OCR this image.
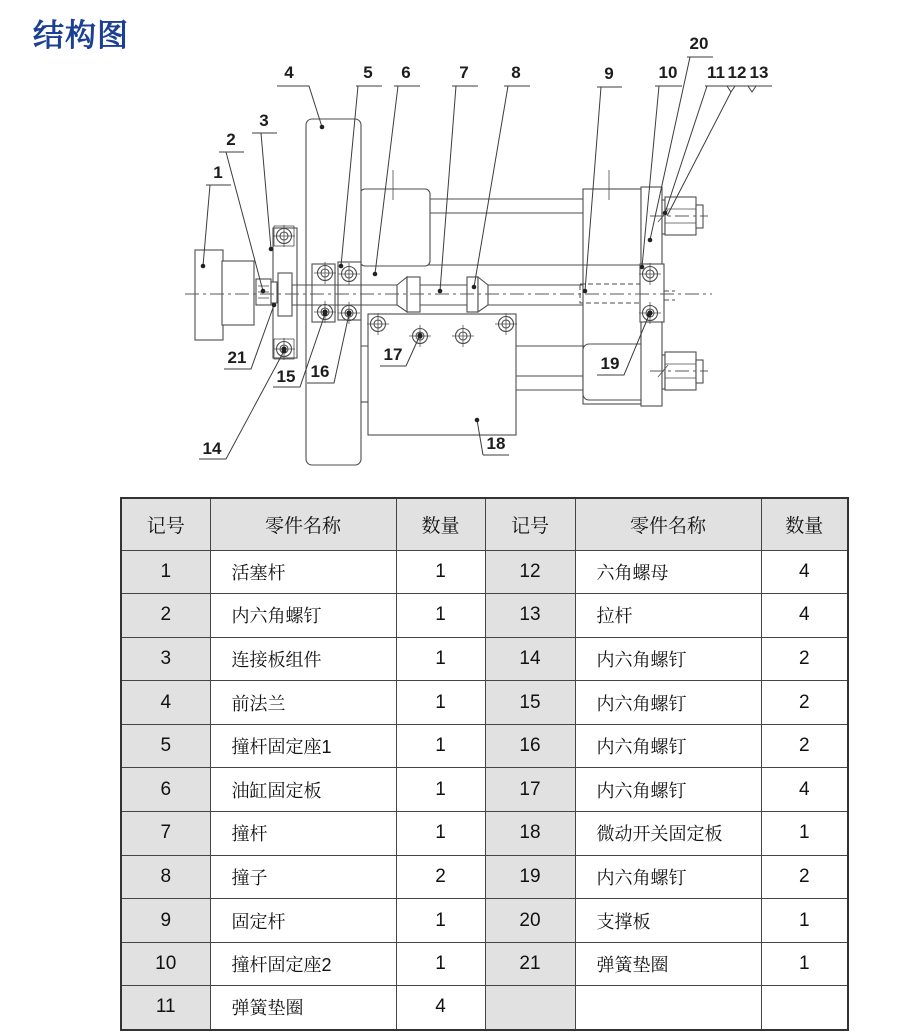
结构图
1
2
3
4	5 6	7	8	9	10 11 12 13
20
21
14
15 16
17
18
19
记号	零件名称	数量	记号	零件名称	数量
1	活塞杆	1	12	六角螺母	4
2	内六角螺钉	1	13	拉杆	4
3	连接板组件	1	14	内六角螺钉	2
4	前法兰	1	15	内六角螺钉	2
5	撞杆固定座1	1	16	内六角螺钉	2
6	油缸固定板	1	17	内六角螺钉	4
7	撞杆	1	18	微动开关固定板	1
8	撞子	2	19	内六角螺钉	2
9	固定杆	1	20	支撑板	1
10	撞杆固定座2	1	21	弹簧垫圈	1
11	弹簧垫圈	4			
